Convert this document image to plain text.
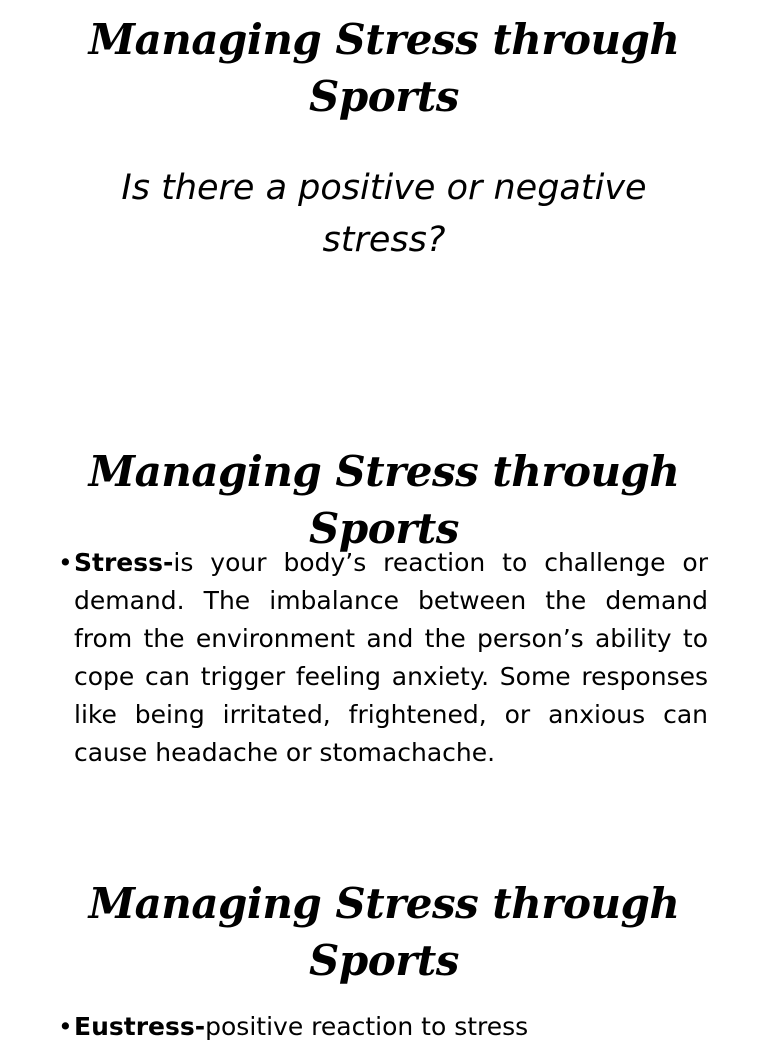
Managing Stress through Sports

Is there a positive or negative stress?

Managing Stress through Sports
• Stress-is your body’s reaction to challenge or demand. The imbalance between the demand from the environment and the person’s ability to cope can trigger feeling anxiety. Some responses like being irritated, frightened, or anxious can cause headache or stomachache.
Managing Stress through Sports
• Eustress-positive reaction to stress
